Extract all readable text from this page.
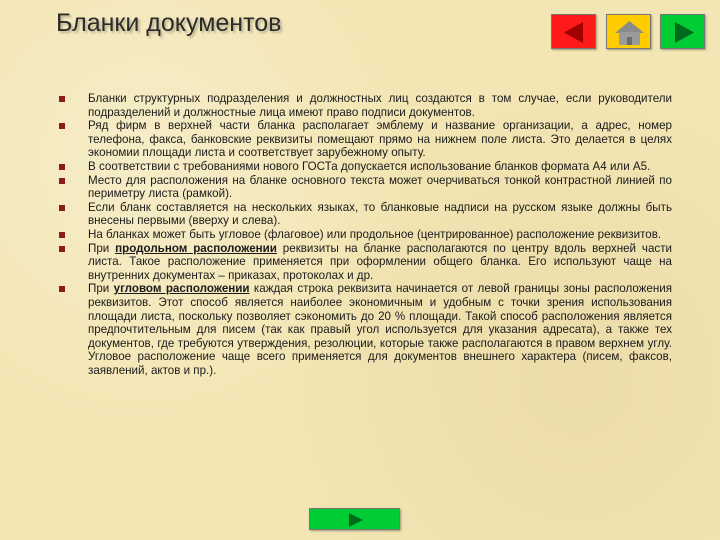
Бланки документов
Бланки структурных подразделения и должностных лиц создаются в том случае, если руководители подразделений и должностные лица имеют право подписи документов.
Ряд фирм в верхней части бланка располагает эмблему и название организации, а адрес, номер телефона, факса, банковские реквизиты помещают прямо на нижнем поле листа. Это делается в целях экономии площади листа и соответствует зарубежному опыту.
В соответствии с требованиями нового ГОСТа допускается использование бланков формата А4 или А5.
Место для расположения на бланке основного текста может очерчиваться тонкой контрастной линией по периметру листа (рамкой).
Если бланк составляется на нескольких языках, то бланковые надписи на русском языке должны быть внесены первыми (вверху и слева).
На бланках может быть угловое (флаговое) или продольное (центрированное) расположение реквизитов.
При продольном расположении реквизиты на бланке располагаются по центру вдоль верхней части листа. Такое расположение применяется при оформлении общего бланка. Его используют чаще на внутренних документах – приказах, протоколах и др.
При угловом расположении каждая строка реквизита начинается от левой границы зоны расположения реквизитов. Этот способ является наиболее экономичным и удобным с точки зрения использования площади листа, поскольку позволяет сэкономить до 20 % площади. Такой способ расположения является предпочтительным для писем (так как правый угол используется для указания адресата), а также тех документов, где требуются утверждения, резолюции, которые также располагаются в правом верхнем углу. Угловое расположение чаще всего применяется для документов внешнего характера (писем, факсов, заявлений, актов и пр.).
